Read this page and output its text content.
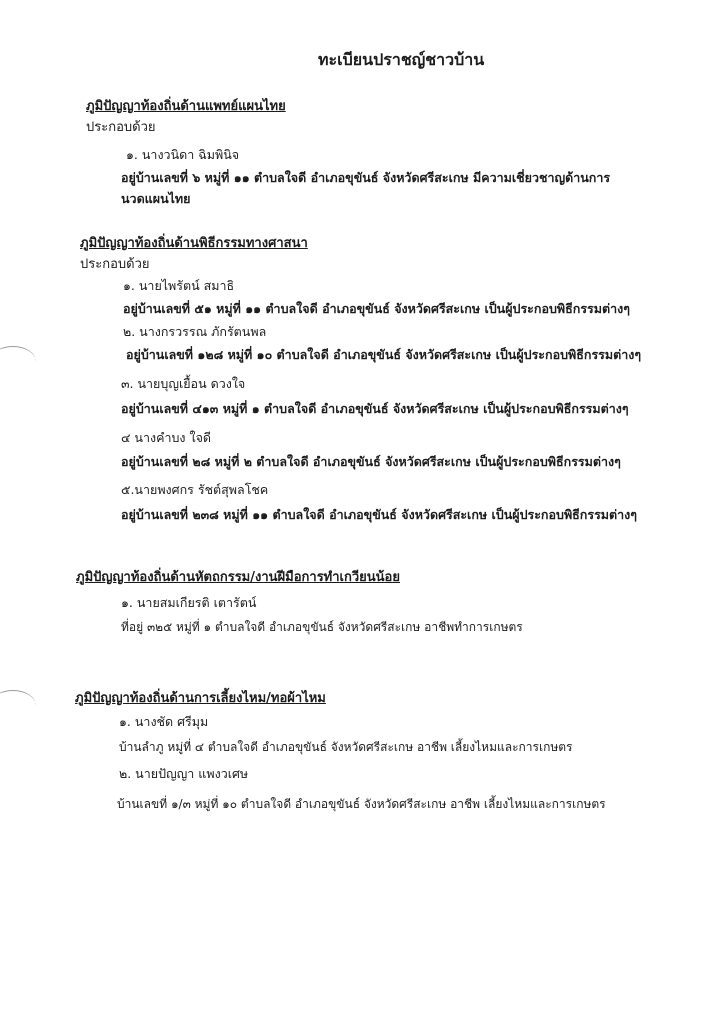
ทะเบียนปราชญ์ชาวบ้าน
ภูมิปัญญาท้องถิ่นด้านแพทย์แผนไทย
ประกอบด้วย
๑. นางวนิดา ฉิมพินิจ
อยู่บ้านเลขที่ ๖ หมู่ที่ ๑๑ ตำบลใจดี อำเภอขุขันธ์ จังหวัดศรีสะเกษ มีความเชี่ยวชาญด้านการ
นวดแผนไทย
ภูมิปัญญาท้องถิ่นด้านพิธีกรรมทางศาสนา
ประกอบด้วย
๑. นายไพรัตน์ สมาธิ
อยู่บ้านเลขที่ ๕๑ หมู่ที่ ๑๑ ตำบลใจดี อำเภอขุขันธ์ จังหวัดศรีสะเกษ เป็นผู้ประกอบพิธีกรรมต่างๆ
๒. นางกรวรรณ ภักรัตนพล
อยู่บ้านเลขที่ ๑๒๘ หมู่ที่ ๑๐ ตำบลใจดี อำเภอขุขันธ์ จังหวัดศรีสะเกษ เป็นผู้ประกอบพิธีกรรมต่างๆ
๓. นายบุญเยื้อน ดวงใจ
อยู่บ้านเลขที่ ๔๑๓ หมู่ที่ ๑ ตำบลใจดี อำเภอขุขันธ์ จังหวัดศรีสะเกษ เป็นผู้ประกอบพิธีกรรมต่างๆ
๔ นางคำบง ใจดี
อยู่บ้านเลขที่ ๒๘ หมู่ที่ ๒ ตำบลใจดี อำเภอขุขันธ์ จังหวัดศรีสะเกษ เป็นผู้ประกอบพิธีกรรมต่างๆ
๕.นายพงศกร รัชต์สุพลโชค
อยู่บ้านเลขที่ ๒๓๘ หมู่ที่ ๑๑ ตำบลใจดี อำเภอขุขันธ์ จังหวัดศรีสะเกษ เป็นผู้ประกอบพิธีกรรมต่างๆ
ภูมิปัญญาท้องถิ่นด้านหัตถกรรม/งานฝีมือการทำเกวียนน้อย
๑. นายสมเกียรติ เตารัตน์
ที่อยู่ ๓๒๕ หมู่ที่ ๑ ตำบลใจดี อำเภอขุขันธ์ จังหวัดศรีสะเกษ อาชีพทำการเกษตร
ภูมิปัญญาท้องถิ่นด้านการเลี้ยงไหม/ทอผ้าไหม
๑. นางชัด ศรีมุม
บ้านลำภู หมู่ที่ ๔ ตำบลใจดี อำเภอขุขันธ์ จังหวัดศรีสะเกษ อาชีพ เลี้ยงไหมและการเกษตร
๒. นายปัญญา แพงวเศษ
บ้านเลขที่ ๑/๓ หมู่ที่ ๑๐ ตำบลใจดี อำเภอขุขันธ์ จังหวัดศรีสะเกษ อาชีพ เลี้ยงไหมและการเกษตร
